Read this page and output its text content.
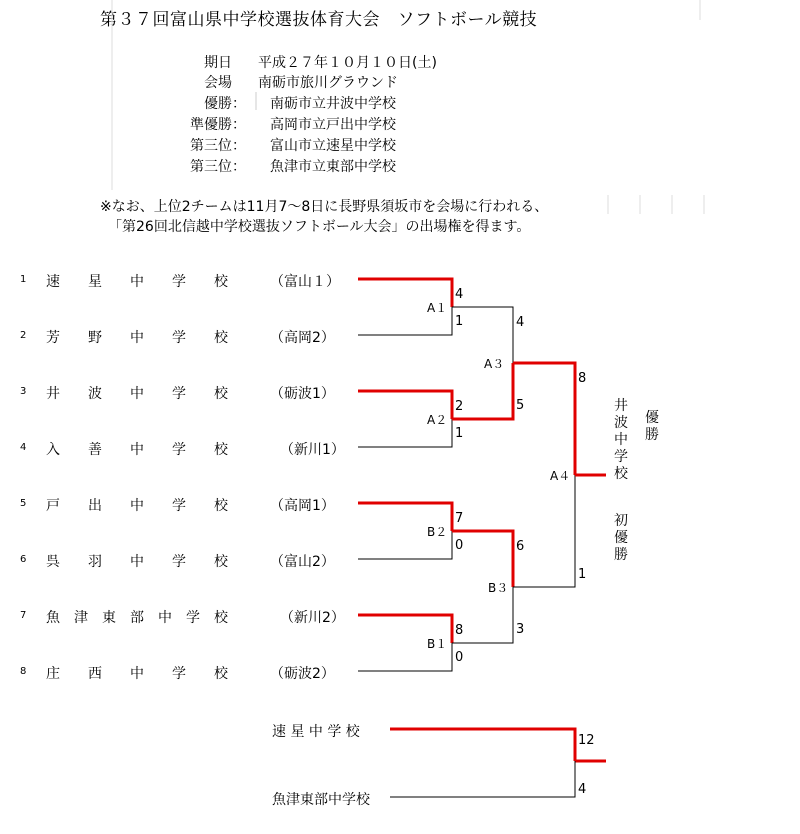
第３７回富山県中学校選抜体育大会　ソフトボール競技
期日 平成２７年１０月１０日(土)
会場 南砺市旅川グラウンド
優勝： 南砺市立井波中学校
準優勝： 高岡市立戸出中学校
第三位： 富山市立速星中学校
第三位： 魚津市立東部中学校
※なお、上位2チームは11月7〜8日に長野県須坂市を会場に行われる、
「第26回北信越中学校選抜ソフトボール大会」の出場権を得ます。
1 速　　星　　中　　学　　校	（富山１）
2 芳　　野　　中　　学　　校	（高岡2）
3 井　　波　　中　　学　　校	（砺波1）
4 入　　善　　中　　学　　校	（新川1）
5 戸　　出　　中　　学　　校	（高岡1）
6 呉　　羽　　中　　学　　校	（富山2）
7 魚　津　東　部　中　学　校	（新川2）
8 庄　　西　　中　　学　　校	（砺波2）
A１
A２
B２
B１
A３
B３
A４
4
1
2
1
7
0
8
0
4
5
6
3
8
1
井波中学校
優勝
初優勝
速 星 中 学 校
魚津東部中学校
12
4
